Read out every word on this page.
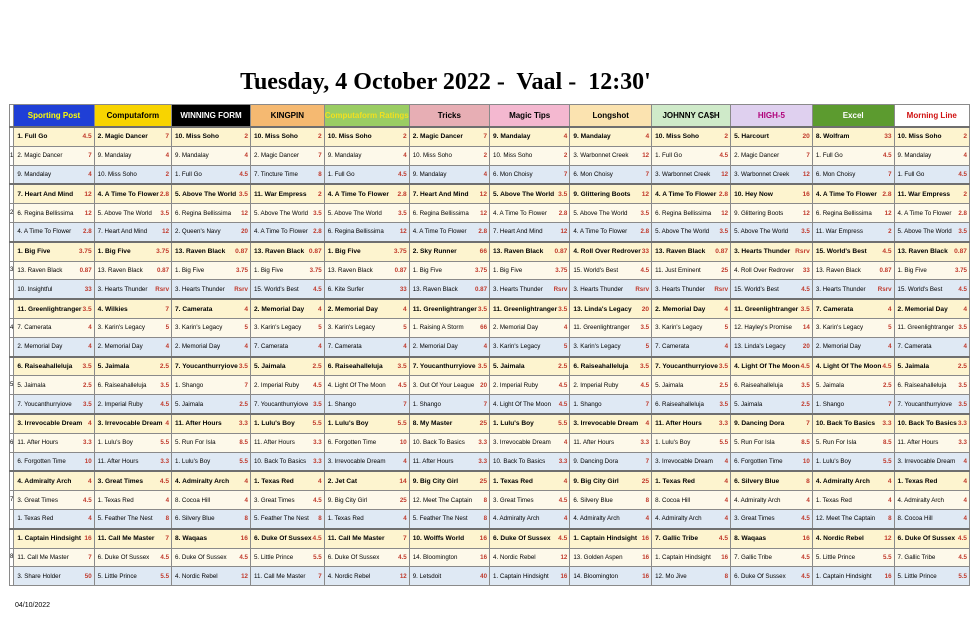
Tuesday, 4 October 2022 -  Vaal -  12:30'
	Sporting Post	Computaform	WINNING FORM	KINGPIN	Computaform Ratings	Tricks	Magic Tips	Longshot	JOHNNY CA$H	HIGH-5	Excel	Morning Line

	1. Full Go 4.5	2. Magic Dancer 7	10. Miss Soho 2	10. Miss Soho 2	10. Miss Soho 2	2. Magic Dancer 7	9. Mandalay 4	9. Mandalay 4	10. Miss Soho 2	5. Harcourt 20	8. Wolfram 33	10. Miss Soho 2

1	2. Magic Dancer 7	9. Mandalay 4	9. Mandalay 4	2. Magic Dancer 7	9. Mandalay 4	10. Miss Soho 2	10. Miss Soho 2	3. Warbonnet Creek 12	1. Full Go 4.5	2. Magic Dancer 7	1. Full Go 4.5	9. Mandalay 4

	9. Mandalay 4	10. Miss Soho 2	1. Full Go 4.5	7. Tincture Time 8	1. Full Go 4.5	9. Mandalay 4	6. Mon Choisy 7	6. Mon Choisy 7	3. Warbonnet Creek 12	3. Warbonnet Creek 12	6. Mon Choisy 7	1. Full Go 4.5

	7. Heart And Mind 12	4. A Time To Flower 2.8	5. Above The World 3.5	11. War Empress 2	4. A Time To Flower 2.8	7. Heart And Mind 12	5. Above The World 3.5	9. Glittering Boots 12	4. A Time To Flower 2.8	10. Hey Now 16	4. A Time To Flower 2.8	11. War Empress 2

2	6. Regina Bellissima 12	5. Above The World 3.5	6. Regina Bellissima 12	5. Above The World 3.5	5. Above The World 3.5	6. Regina Bellissima 12	4. A Time To Flower 2.8	5. Above The World 3.5	6. Regina Bellissima 12	9. Glittering Boots 12	6. Regina Bellissima 12	4. A Time To Flower 2.8

	4. A Time To Flower 2.8	7. Heart And Mind 12	2. Queen's Navy 20	4. A Time To Flower 2.8	6. Regina Bellissima 12	4. A Time To Flower 2.8	7. Heart And Mind 12	4. A Time To Flower 2.8	5. Above The World 3.5	5. Above The World 3.5	11. War Empress 2	5. Above The World 3.5

	1. Big Five 3.75	1. Big Five 3.75	13. Raven Black 0.87	13. Raven Black 0.87	1. Big Five 3.75	2. Sky Runner 66	13. Raven Black 0.87	4. Roll Over Redrover 33	13. Raven Black 0.87	3. Hearts Thunder Rsrv	15. World's Best 4.5	13. Raven Black 0.87

3	13. Raven Black 0.87	13. Raven Black 0.87	1. Big Five 3.75	1. Big Five 3.75	13. Raven Black 0.87	1. Big Five 3.75	1. Big Five 3.75	15. World's Best 4.5	11. Just Eminent 25	4. Roll Over Redrover 33	13. Raven Black 0.87	1. Big Five 3.75

	10. Insightful 33	3. Hearts Thunder Rsrv	3. Hearts Thunder Rsrv	15. World's Best 4.5	6. Kite Surfer 33	13. Raven Black 0.87	3. Hearts Thunder Rsrv	3. Hearts Thunder Rsrv	3. Hearts Thunder Rsrv	15. World's Best 4.5	3. Hearts Thunder Rsrv	15. World's Best 4.5

	11. Greenlightranger 3.5	4. Wilkies 7	7. Camerata 4	2. Memorial Day 4	2. Memorial Day 4	11. Greenlightranger 3.5	11. Greenlightranger 3.5	13. Linda's Legacy 20	2. Memorial Day 4	11. Greenlightranger 3.5	7. Camerata 4	2. Memorial Day 4

4	7. Camerata 4	3. Karin's Legacy 5	3. Karin's Legacy 5	3. Karin's Legacy 5	3. Karin's Legacy 5	1. Raising A Storm 66	2. Memorial Day 4	11. Greenlightranger 3.5	3. Karin's Legacy 5	12. Hayley's Promise 14	3. Karin's Legacy 5	11. Greenlightranger 3.5

	2. Memorial Day 4	2. Memorial Day 4	2. Memorial Day 4	7. Camerata 4	7. Camerata 4	2. Memorial Day 4	3. Karin's Legacy 5	3. Karin's Legacy 5	7. Camerata 4	13. Linda's Legacy 20	2. Memorial Day 4	7. Camerata 4

	6. Raiseahalleluja 3.5	5. Jaimala 2.5	7. Youcanthurryiove 3.5	5. Jaimala 2.5	6. Raiseahalleluja 3.5	7. Youcanthurryiove 3.5	5. Jaimala 2.5	6. Raiseahalleluja 3.5	7. Youcanthurryiove 3.5	4. Light Of The Moon 4.5	4. Light Of The Moon 4.5	5. Jaimala 2.5

5	5. Jaimala 2.5	6. Raiseahalleluja 3.5	1. Shango 7	2. Imperial Ruby 4.5	4. Light Of The Moon 4.5	3. Out Of Your League 20	2. Imperial Ruby 4.5	2. Imperial Ruby 4.5	5. Jaimala 2.5	6. Raiseahalleluja 3.5	5. Jaimala 2.5	6. Raiseahalleluja 3.5

	7. Youcanthurryiove 3.5	2. Imperial Ruby 4.5	5. Jaimala 2.5	7. Youcanthurryiove 3.5	1. Shango 7	1. Shango 7	4. Light Of The Moon 4.5	1. Shango 7	6. Raiseahalleluja 3.5	5. Jaimala 2.5	1. Shango 7	7. Youcanthurryiove 3.5

	3. Irrevocable Dream 4	3. Irrevocable Dream 4	11. After Hours 3.3	1. Lulu's Boy 5.5	1. Lulu's Boy 5.5	8. My Master 25	1. Lulu's Boy 5.5	3. Irrevocable Dream 4	11. After Hours 3.3	9. Dancing Dora 7	10. Back To Basics 3.3	10. Back To Basics 3.3

6	11. After Hours 3.3	1. Lulu's Boy 5.5	5. Run For Isla 8.5	11. After Hours 3.3	6. Forgotten Time 10	10. Back To Basics 3.3	3. Irrevocable Dream 4	11. After Hours 3.3	1. Lulu's Boy 5.5	5. Run For Isla 8.5	5. Run For Isla 8.5	11. After Hours 3.3

	6. Forgotten Time 10	11. After Hours 3.3	1. Lulu's Boy 5.5	10. Back To Basics 3.3	3. Irrevocable Dream 4	11. After Hours 3.3	10. Back To Basics 3.3	9. Dancing Dora 7	3. Irrevocable Dream 4	6. Forgotten Time 10	1. Lulu's Boy 5.5	3. Irrevocable Dream 4

	4. Admiralty Arch 4	3. Great Times 4.5	4. Admiralty Arch 4	1. Texas Red 4	2. Jet Cat 14	9. Big City Girl 25	1. Texas Red 4	9. Big City Girl 25	1. Texas Red 4	6. Silvery Blue 8	4. Admiralty Arch 4	1. Texas Red 4

7	3. Great Times 4.5	1. Texas Red 4	8. Cocoa Hill 4	3. Great Times 4.5	9. Big City Girl 25	12. Meet The Captain 8	3. Great Times 4.5	6. Silvery Blue 8	8. Cocoa Hill 4	4. Admiralty Arch 4	1. Texas Red 4	4. Admiralty Arch 4

	1. Texas Red 4	5. Feather The Nest 8	6. Silvery Blue 8	5. Feather The Nest 8	1. Texas Red 4	5. Feather The Nest 8	4. Admiralty Arch 4	4. Admiralty Arch 4	4. Admiralty Arch 4	3. Great Times 4.5	12. Meet The Captain 8	8. Cocoa Hill 4

	1. Captain Hindsight 16	11. Call Me Master 7	8. Waqaas 16	6. Duke Of Sussex 4.5	11. Call Me Master 7	10. Wolffs World 16	6. Duke Of Sussex 4.5	1. Captain Hindsight 16	7. Gallic Tribe 4.5	8. Waqaas 16	4. Nordic Rebel 12	6. Duke Of Sussex 4.5

8	11. Call Me Master 7	6. Duke Of Sussex 4.5	6. Duke Of Sussex 4.5	5. Little Prince 5.5	6. Duke Of Sussex 4.5	14. Bloomington 16	4. Nordic Rebel 12	13. Golden Aspen 16	1. Captain Hindsight 16	7. Gallic Tribe 4.5	5. Little Prince 5.5	7. Gallic Tribe 4.5

	3. Share Holder 50	5. Little Prince 5.5	4. Nordic Rebel 12	11. Call Me Master 7	4. Nordic Rebel 12	9. Letsdoit 40	1. Captain Hindsight 16	14. Bloomington 16	12. Mo Jive 8	6. Duke Of Sussex 4.5	1. Captain Hindsight 16	5. Little Prince 5.5
04/10/2022
